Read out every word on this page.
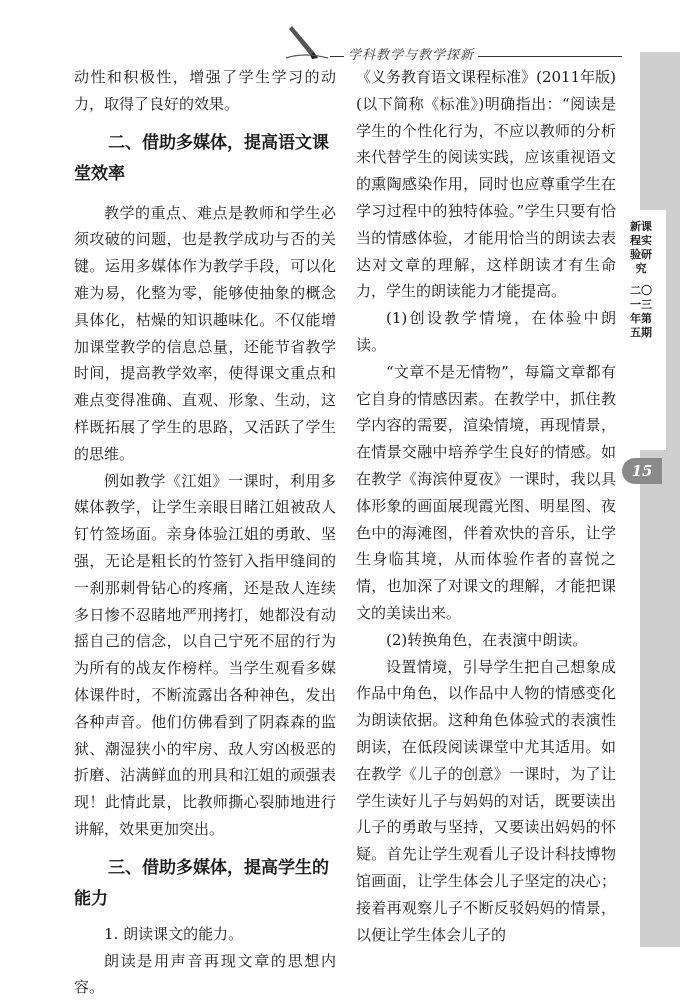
学科教学与教学探新

动性和积极性，增强了学生学习的动力，取得了良好的效果。

二、借助多媒体，提高语文课堂效率

教学的重点、难点是教师和学生必须攻破的问题，也是教学成功与否的关键。运用多媒体作为教学手段，可以化难为易，化整为零，能够使抽象的概念具体化，枯燥的知识趣味化。不仅能增加课堂教学的信息总量，还能节省教学时间，提高教学效率，使得课文重点和难点变得准确、直观、形象、生动，这样既拓展了学生的思路，又活跃了学生的思维。

例如教学《江姐》一课时，利用多媒体教学，让学生亲眼目睹江姐被敌人钉竹签场面。亲身体验江姐的勇敢、坚强，无论是粗长的竹签钉入指甲缝间的一刹那刺骨钻心的疼痛，还是敌人连续多日惨不忍睹地严刑拷打，她都没有动摇自己的信念，以自己宁死不屈的行为为所有的战友作榜样。当学生观看多媒体课件时，不断流露出各种神色，发出各种声音。他们仿佛看到了阴森森的监狱、潮湿狭小的牢房、敌人穷凶极恶的折磨、沾满鲜血的刑具和江姐的顽强表现！此情此景，比教师撕心裂肺地进行讲解，效果更加突出。

三、借助多媒体，提高学生的能力

1. 朗读课文的能力。

朗读是用声音再现文章的思想内容。

《义务教育语文课程标准》(2011年版)(以下简称《标准》)明确指出：“阅读是学生的个性化行为，不应以教师的分析来代替学生的阅读实践，应该重视语文的熏陶感染作用，同时也应尊重学生在学习过程中的独特体验。”学生只要有恰当的情感体验，才能用恰当的朗读去表达对文章的理解，这样朗读才有生命力，学生的朗读能力才能提高。

(1)创设教学情境，在体验中朗读。

“文章不是无情物”，每篇文章都有它自身的情感因素。在教学中，抓住教学内容的需要，渲染情境，再现情景，在情景交融中培养学生良好的情感。如在教学《海滨仲夏夜》一课时，我以具体形象的画面展现霞光图、明星图、夜色中的海滩图，伴着欢快的音乐，让学生身临其境，从而体验作者的喜悦之情，也加深了对课文的理解，才能把课文的美读出来。

(2)转换角色，在表演中朗读。

设置情境，引导学生把自己想象成作品中角色，以作品中人物的情感变化为朗读依据。这种角色体验式的表演性朗读，在低段阅读课堂中尤其适用。如在教学《儿子的创意》一课时，为了让学生读好儿子与妈妈的对话，既要读出儿子的勇敢与坚持，又要读出妈妈的怀疑。首先让学生观看儿子设计科技博物馆画面，让学生体会儿子坚定的决心；接着再观察儿子不断反驳妈妈的情景，以便让学生体会儿子的

新课程实验研究
二〇一三年第五期
15
